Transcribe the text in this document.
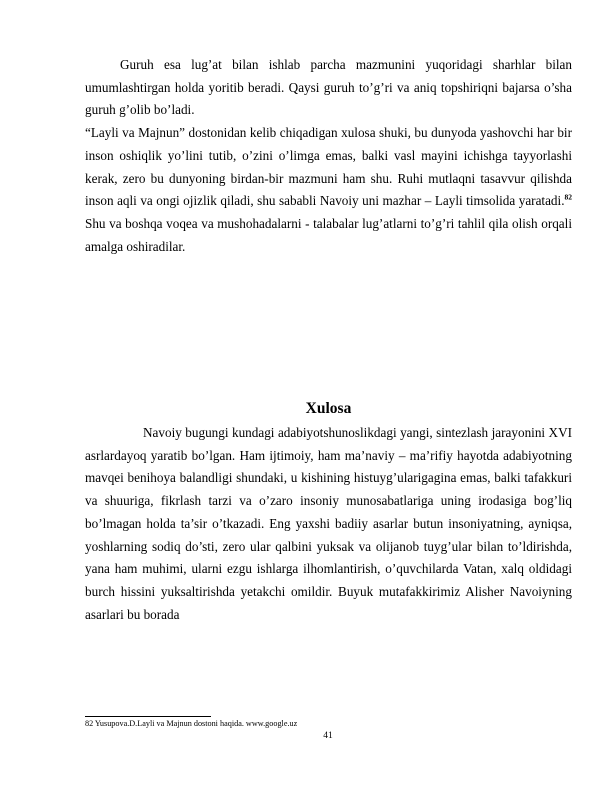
Guruh esa lug’at bilan ishlab parcha mazmunini yuqoridagi sharhlar bilan umumlashtirgan holda yoritib beradi. Qaysi guruh to’g’ri va aniq topshiriqni bajarsa o’sha guruh g’olib bo’ladi.

“Layli va Majnun” dostonidan kelib chiqadigan xulosa shuki, bu dunyoda yashovchi har bir inson oshiqlik yo’lini tutib, o’zini o’limga emas, balki vasl mayini ichishga tayyorlashi kerak, zero bu dunyoning birdan-bir mazmuni ham shu. Ruhi mutlaqni tasavvur qilishda inson aqli va ongi ojizlik qiladi, shu sababli Navoiy uni mazhar – Layli timsolida yaratadi.$^{82}$ Shu va boshqa voqea va mushohadalarni - talabalar lug’atlarni to’g’ri tahlil qila olish orqali amalga oshiradilar.

Xulosa

Navoiy bugungi kundagi adabiyotshunoslikdagi yangi, sintezlash jarayonini XVI asrlardayoq yaratib bo’lgan. Ham ijtimoiy, ham ma’naviy – ma’rifiy hayotda adabiyotning mavqei benihoya balandligi shundaki, u kishining histuyg’ularigagina emas, balki tafakkuri va shuuriga, fikrlash tarzi va o’zaro insoniy munosabatlariga uning irodasiga bog’liq bo’lmagan holda ta’sir o’tkazadi. Eng yaxshi badiiy asarlar butun insoniyatning, ayniqsa, yoshlarning sodiq do’sti, zero ular qalbini yuksak va olijanob tuyg’ular bilan to’ldirishda, yana ham muhimi, ularni ezgu ishlarga ilhomlantirish, o’quvchilarda Vatan, xalq oldidagi burch hissini yuksaltirishda yetakchi omildir. Buyuk mutafakkirimiz Alisher Navoiyning asarlari bu borada

82 Yusupova.D.Layli va Majnun dostoni haqida. www.google.uz
41
